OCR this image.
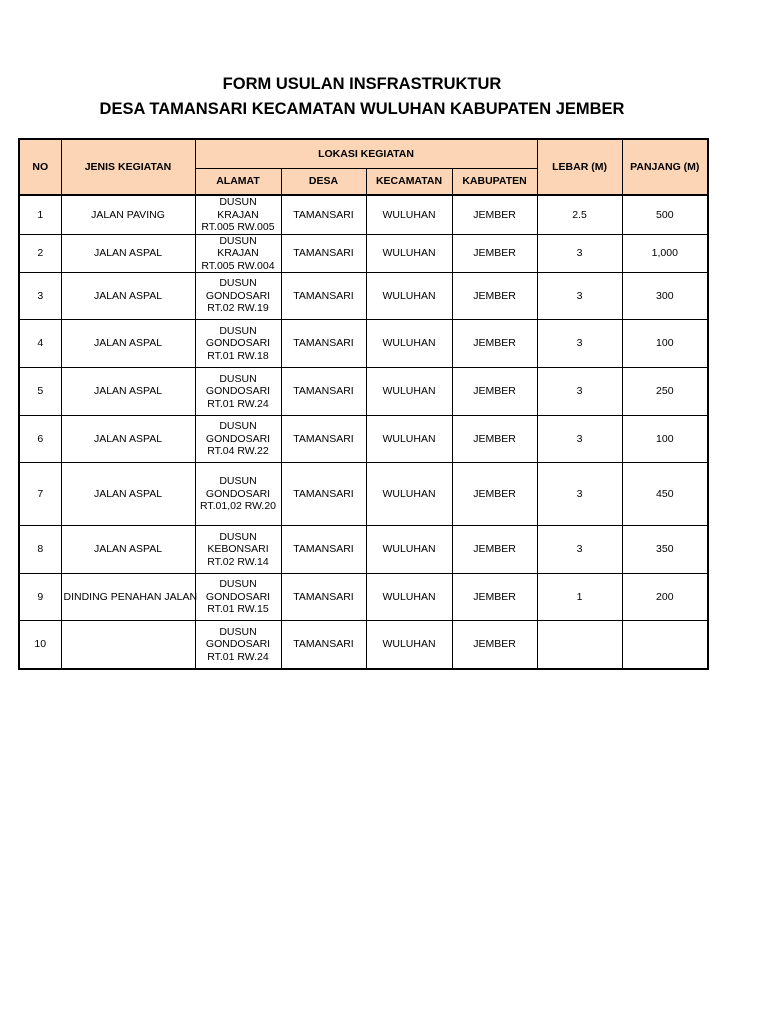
FORM USULAN INSFRASTRUKTUR
DESA TAMANSARI KECAMATAN WULUHAN KABUPATEN JEMBER
NO	JENIS KEGIATAN	LOKASI KEGIATAN				LEBAR (M)	PANJANG (M)
		ALAMAT	DESA	KECAMATAN	KABUPATEN		
1	JALAN PAVING	DUSUN KRAJAN
RT.005 RW.005	TAMANSARI	WULUHAN	JEMBER	2.5	500
2	JALAN ASPAL	DUSUN KRAJAN
RT.005 RW.004	TAMANSARI	WULUHAN	JEMBER	3	1,000
3	JALAN ASPAL	DUSUN
GONDOSARI
RT.02 RW.19	TAMANSARI	WULUHAN	JEMBER	3	300
4	JALAN ASPAL	DUSUN
GONDOSARI
RT.01 RW.18	TAMANSARI	WULUHAN	JEMBER	3	100
5	JALAN ASPAL	DUSUN
GONDOSARI
RT.01 RW.24	TAMANSARI	WULUHAN	JEMBER	3	250
6	JALAN ASPAL	DUSUN
GONDOSARI
RT.04 RW.22	TAMANSARI	WULUHAN	JEMBER	3	100
7	JALAN ASPAL	DUSUN
GONDOSARI
RT.01,02 RW.20	TAMANSARI	WULUHAN	JEMBER	3	450
8	JALAN ASPAL	DUSUN
KEBONSARI
RT.02 RW.14	TAMANSARI	WULUHAN	JEMBER	3	350
9	DINDING PENAHAN JALAN	DUSUN
GONDOSARI
RT.01 RW.15	TAMANSARI	WULUHAN	JEMBER	1	200
10		DUSUN
GONDOSARI
RT.01 RW.24	TAMANSARI	WULUHAN	JEMBER		
